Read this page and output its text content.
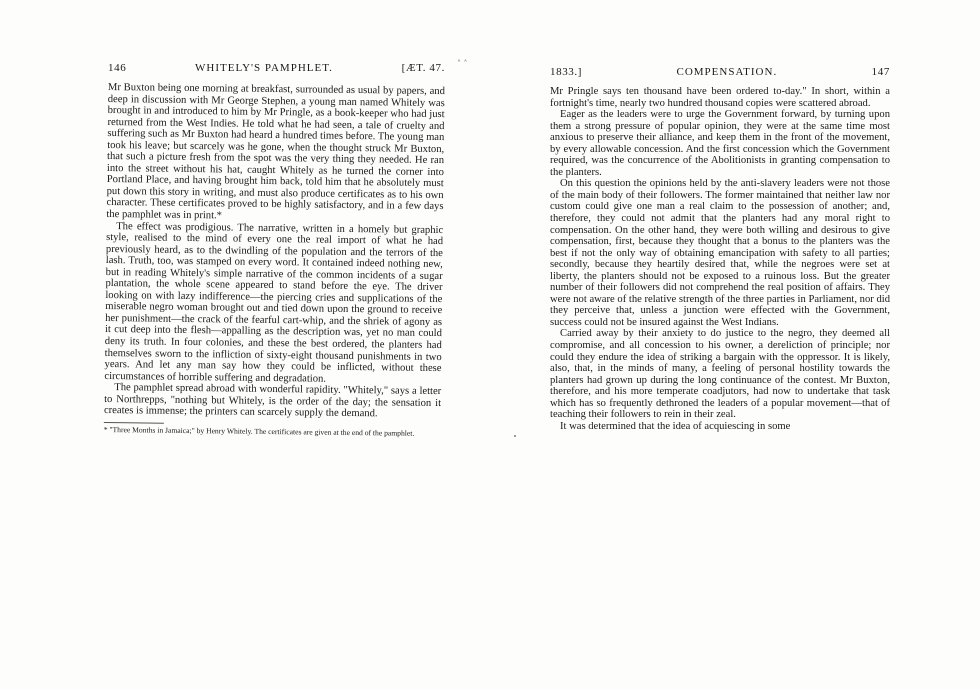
˄ ˄
146	WHITELY'S PAMPHLET.	[ÆT. 47.

Mr Buxton being one morning at breakfast, surrounded as usual by papers, and deep in discussion with Mr George Stephen, a young man named Whitely was brought in and introduced to him by Mr Pringle, as a book-keeper who had just returned from the West Indies. He told what he had seen, a tale of cruelty and suffering such as Mr Buxton had heard a hundred times before. The young man took his leave; but scarcely was he gone, when the thought struck Mr Buxton, that such a picture fresh from the spot was the very thing they needed. He ran into the street without his hat, caught Whitely as he turned the corner into Portland Place, and having brought him back, told him that he absolutely must put down this story in writing, and must also produce certificates as to his own character. These certificates proved to be highly satisfactory, and in a few days the pamphlet was in print.*

The effect was prodigious. The narrative, written in a homely but graphic style, realised to the mind of every one the real import of what he had previously heard, as to the dwindling of the population and the terrors of the lash. Truth, too, was stamped on every word. It contained indeed nothing new, but in reading Whitely's simple narrative of the common incidents of a sugar plantation, the whole scene appeared to stand before the eye. The driver looking on with lazy indifference—the piercing cries and supplications of the miserable negro woman brought out and tied down upon the ground to receive her punishment—the crack of the fearful cart-whip, and the shriek of agony as it cut deep into the flesh—appalling as the description was, yet no man could deny its truth. In four colonies, and these the best ordered, the planters had themselves sworn to the infliction of sixty-eight thousand punishments in two years. And let any man say how they could be inflicted, without these circumstances of horrible suffering and degradation.

The pamphlet spread abroad with wonderful rapidity. "Whitely," says a letter to Northrepps, "nothing but Whitely, is the order of the day; the sensation it creates is immense; the printers can scarcely supply the demand.

* "Three Months in Jamaica;" by Henry Whitely. The certificates are given at the end of the pamphlet.
1833.]	COMPENSATION.	147

Mr Pringle says ten thousand have been ordered to-day." In short, within a fortnight's time, nearly two hundred thousand copies were scattered abroad.

Eager as the leaders were to urge the Government forward, by turning upon them a strong pressure of popular opinion, they were at the same time most anxious to preserve their alliance, and keep them in the front of the movement, by every allowable concession. And the first concession which the Government required, was the concurrence of the Abolitionists in granting compensation to the planters.

On this question the opinions held by the anti-slavery leaders were not those of the main body of their followers. The former maintained that neither law nor custom could give one man a real claim to the possession of another; and, therefore, they could not admit that the planters had any moral right to compensation. On the other hand, they were both willing and desirous to give compensation, first, because they thought that a bonus to the planters was the best if not the only way of obtaining emancipation with safety to all parties; secondly, because they heartily desired that, while the negroes were set at liberty, the planters should not be exposed to a ruinous loss. But the greater number of their followers did not comprehend the real position of affairs. They were not aware of the relative strength of the three parties in Parliament, nor did they perceive that, unless a junction were effected with the Government, success could not be insured against the West Indians.

Carried away by their anxiety to do justice to the negro, they deemed all compromise, and all concession to his owner, a dereliction of principle; nor could they endure the idea of striking a bargain with the oppressor. It is likely, also, that, in the minds of many, a feeling of personal hostility towards the planters had grown up during the long continuance of the contest. Mr Buxton, therefore, and his more temperate coadjutors, had now to undertake that task which has so frequently dethroned the leaders of a popular movement—that of teaching their followers to rein in their zeal.

It was determined that the idea of acquiescing in some
